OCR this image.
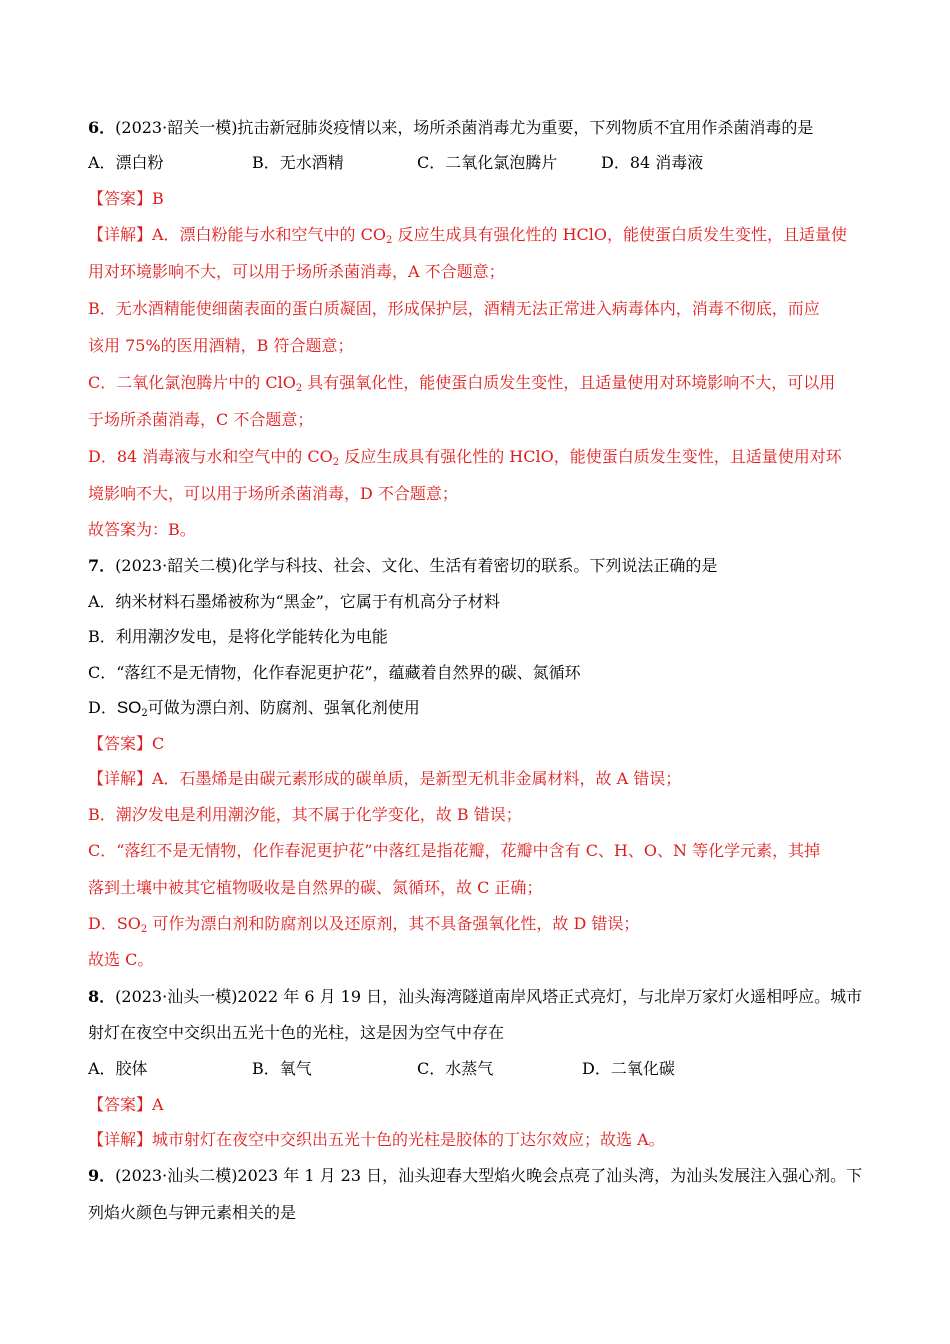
6．(2023·韶关一模)抗击新冠肺炎疫情以来，场所杀菌消毒尤为重要，下列物质不宜用作杀菌消毒的是
A．漂白粉	B．无水酒精	C．二氧化氯泡腾片	D．84 消毒液
【答案】B
【详解】A．漂白粉能与水和空气中的 $CO_2$ 反应生成具有强化性的 HClO，能使蛋白质发生变性，且适量使
用对环境影响不大，可以用于场所杀菌消毒，A 不合题意；
B．无水酒精能使细菌表面的蛋白质凝固，形成保护层，酒精无法正常进入病毒体内，消毒不彻底，而应
该用 75%的医用酒精，B 符合题意；
C．二氧化氯泡腾片中的 ClO$_2$ 具有强氧化性，能使蛋白质发生变性，且适量使用对环境影响不大，可以用
于场所杀菌消毒，C 不合题意；
D．84 消毒液与水和空气中的 $CO_2$ 反应生成具有强化性的 HClO，能使蛋白质发生变性，且适量使用对环
境影响不大，可以用于场所杀菌消毒，D 不合题意；
故答案为：B。
7．(2023·韶关二模)化学与科技、社会、文化、生活有着密切的联系。下列说法正确的是
A．纳米材料石墨烯被称为“黑金”，它属于有机高分子材料
B．利用潮汐发电，是将化学能转化为电能
C．“落红不是无情物，化作春泥更护花”，蕴藏着自然界的碳、氮循环
D．$SO_2$可做为漂白剂、防腐剂、强氧化剂使用
【答案】C
【详解】A．石墨烯是由碳元素形成的碳单质，是新型无机非金属材料，故 A 错误；
B．潮汐发电是利用潮汐能，其不属于化学变化，故 B 错误；
C．“落红不是无情物，化作春泥更护花”中落红是指花瓣，花瓣中含有 C、H、O、N 等化学元素，其掉
落到土壤中被其它植物吸收是自然界的碳、氮循环，故 C 正确；
D．$SO_2$ 可作为漂白剂和防腐剂以及还原剂，其不具备强氧化性，故 D 错误；
故选 C。
8．(2023·汕头一模)2022 年 6 月 19 日，汕头海湾隧道南岸风塔正式亮灯，与北岸万家灯火遥相呼应。城市
射灯在夜空中交织出五光十色的光柱，这是因为空气中存在
A．胶体	B．氧气	C．水蒸气	D．二氧化碳
【答案】A
【详解】城市射灯在夜空中交织出五光十色的光柱是胶体的丁达尔效应；故选 A。
9．(2023·汕头二模)2023 年 1 月 23 日，汕头迎春大型焰火晚会点亮了汕头湾，为汕头发展注入强心剂。下
列焰火颜色与钾元素相关的是
